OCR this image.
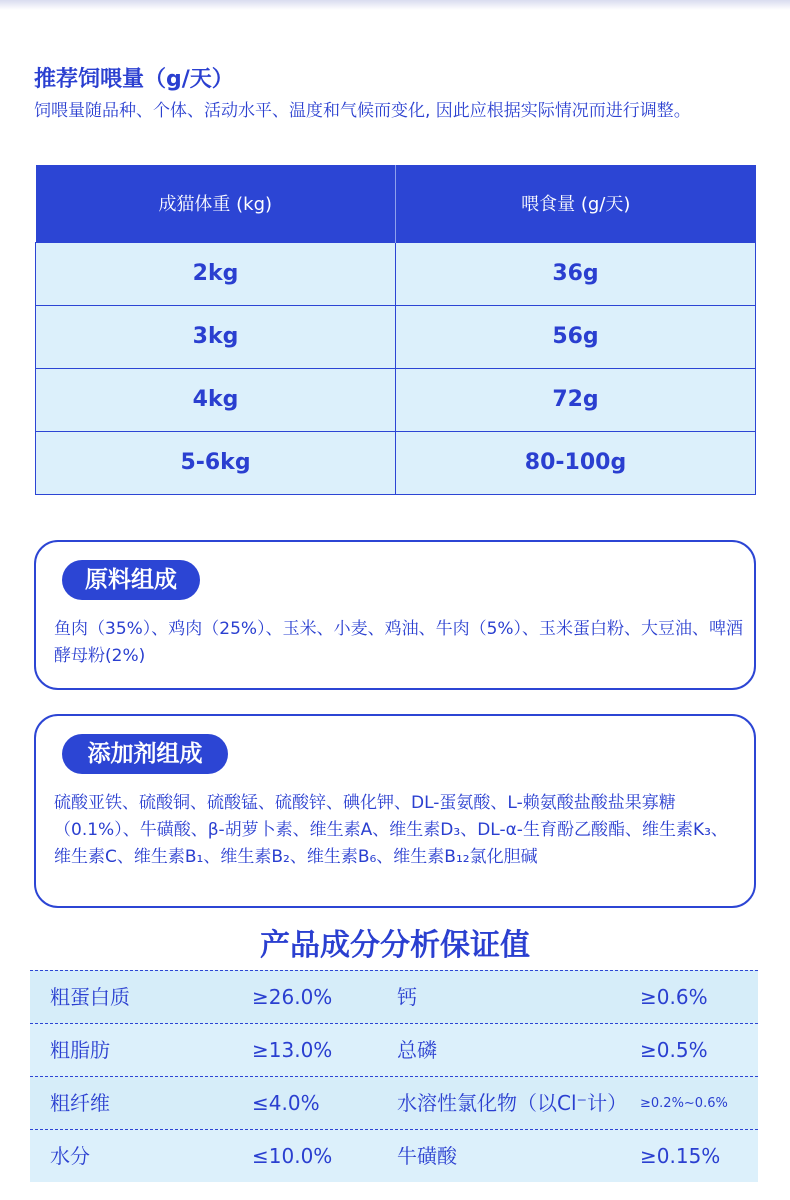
推荐饲喂量（g/天）
饲喂量随品种、个体、活动水平、温度和气候而变化, 因此应根据实际情况而进行调整。
成猫体重 (kg)	喂食量 (g/天)
2kg	36g
3kg	56g
4kg	72g
5-6kg	80-100g
原料组成
鱼肉（35%）、鸡肉（25%）、玉米、小麦、鸡油、牛肉（5%）、玉米蛋白粉、大豆油、啤酒酵母粉(2%)
添加剂组成
硫酸亚铁、硫酸铜、硫酸锰、硫酸锌、碘化钾、DL-蛋氨酸、L-赖氨酸盐酸盐果寡糖（0.1%）、牛磺酸、β-胡萝卜素、维生素A、维生素D₃、DL-α-生育酚乙酸酯、维生素K₃、维生素C、维生素B₁、维生素B₂、维生素B₆、维生素B₁₂氯化胆碱
产品成分分析保证值
粗蛋白质	≥26.0%	钙	≥0.6%
粗脂肪	≥13.0%	总磷	≥0.5%
粗纤维	≤4.0%	水溶性氯化物（以Cl⁻计） ≥0.2%~0.6%
水分	≤10.0%	牛磺酸	≥0.15%
